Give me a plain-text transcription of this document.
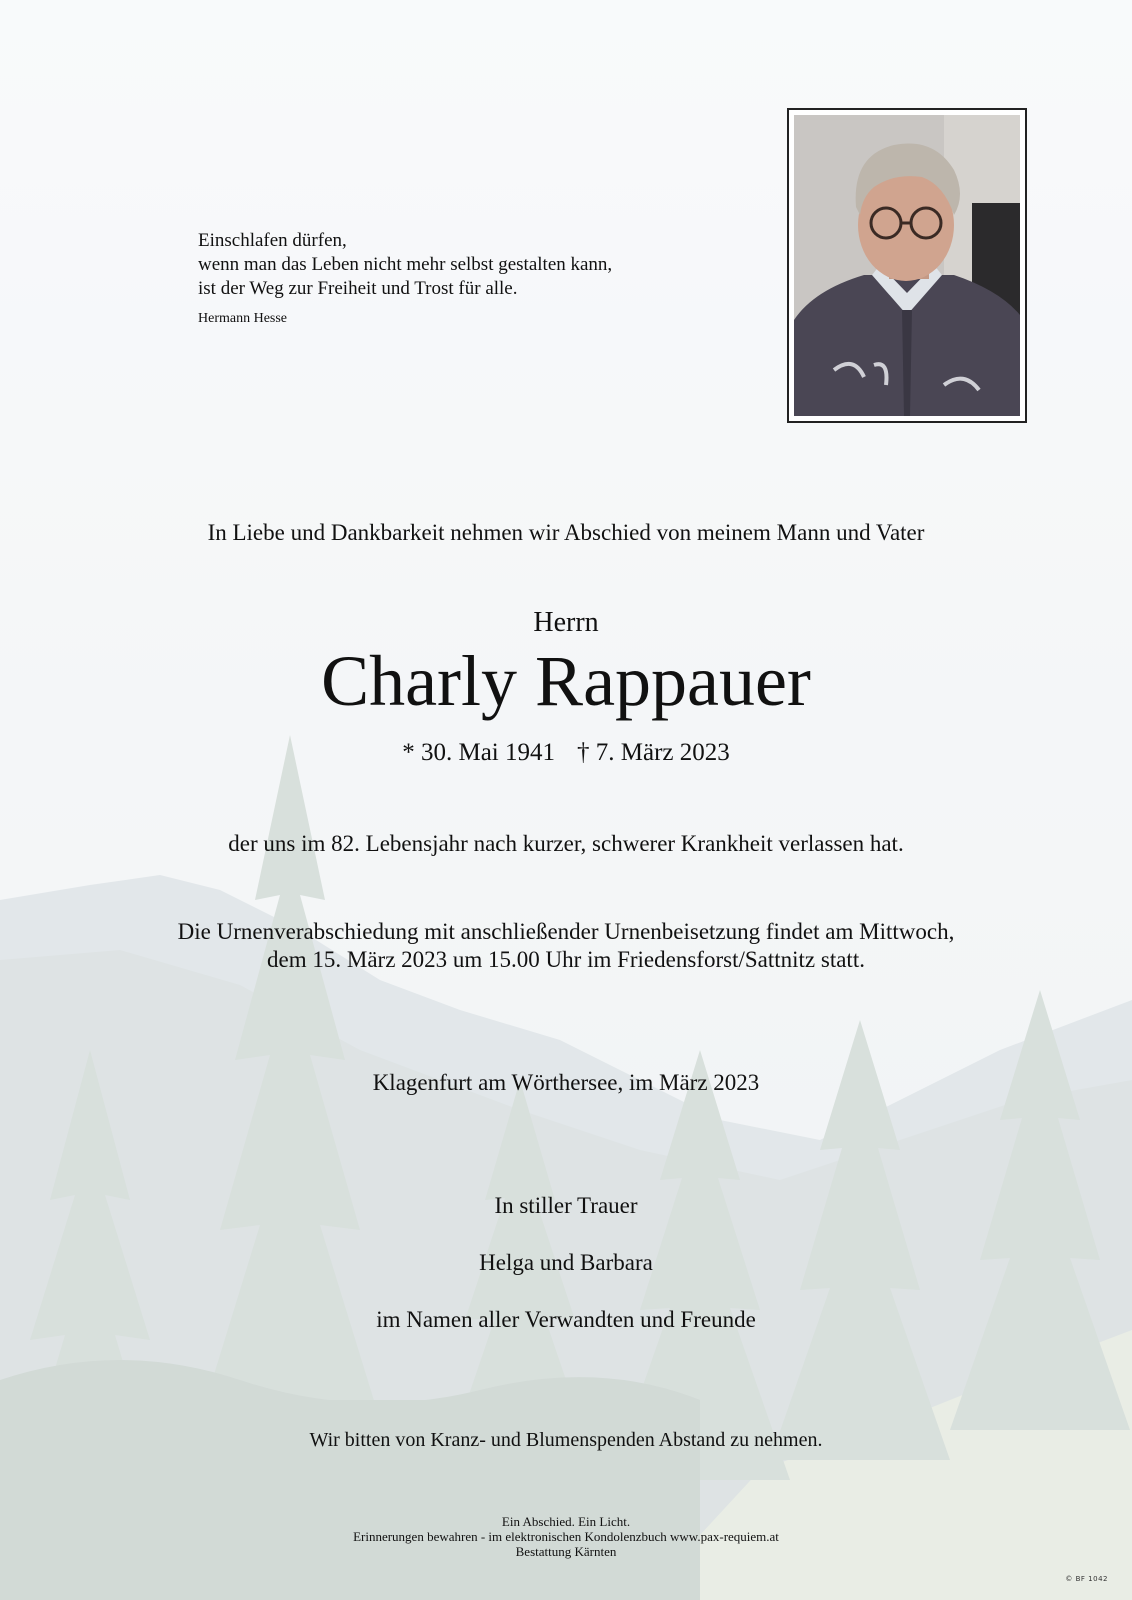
Einschlafen dürfen,
wenn man das Leben nicht mehr selbst gestalten kann,
ist der Weg zur Freiheit und Trost für alle.
Hermann Hesse
In Liebe und Dankbarkeit nehmen wir Abschied von meinem Mann und Vater
Herrn
Charly Rappauer
* 30. Mai 1941 † 7. März 2023
der uns im 82. Lebensjahr nach kurzer, schwerer Krankheit verlassen hat.
Die Urnenverabschiedung mit anschließender Urnenbeisetzung findet am Mittwoch,
dem 15. März 2023 um 15.00 Uhr im Friedensforst/Sattnitz statt.
Klagenfurt am Wörthersee, im März 2023
In stiller Trauer
Helga und Barbara
im Namen aller Verwandten und Freunde
Wir bitten von Kranz- und Blumenspenden Abstand zu nehmen.
Ein Abschied. Ein Licht.
Erinnerungen bewahren - im elektronischen Kondolenzbuch www.pax-requiem.at
Bestattung Kärnten
© BF 1042
